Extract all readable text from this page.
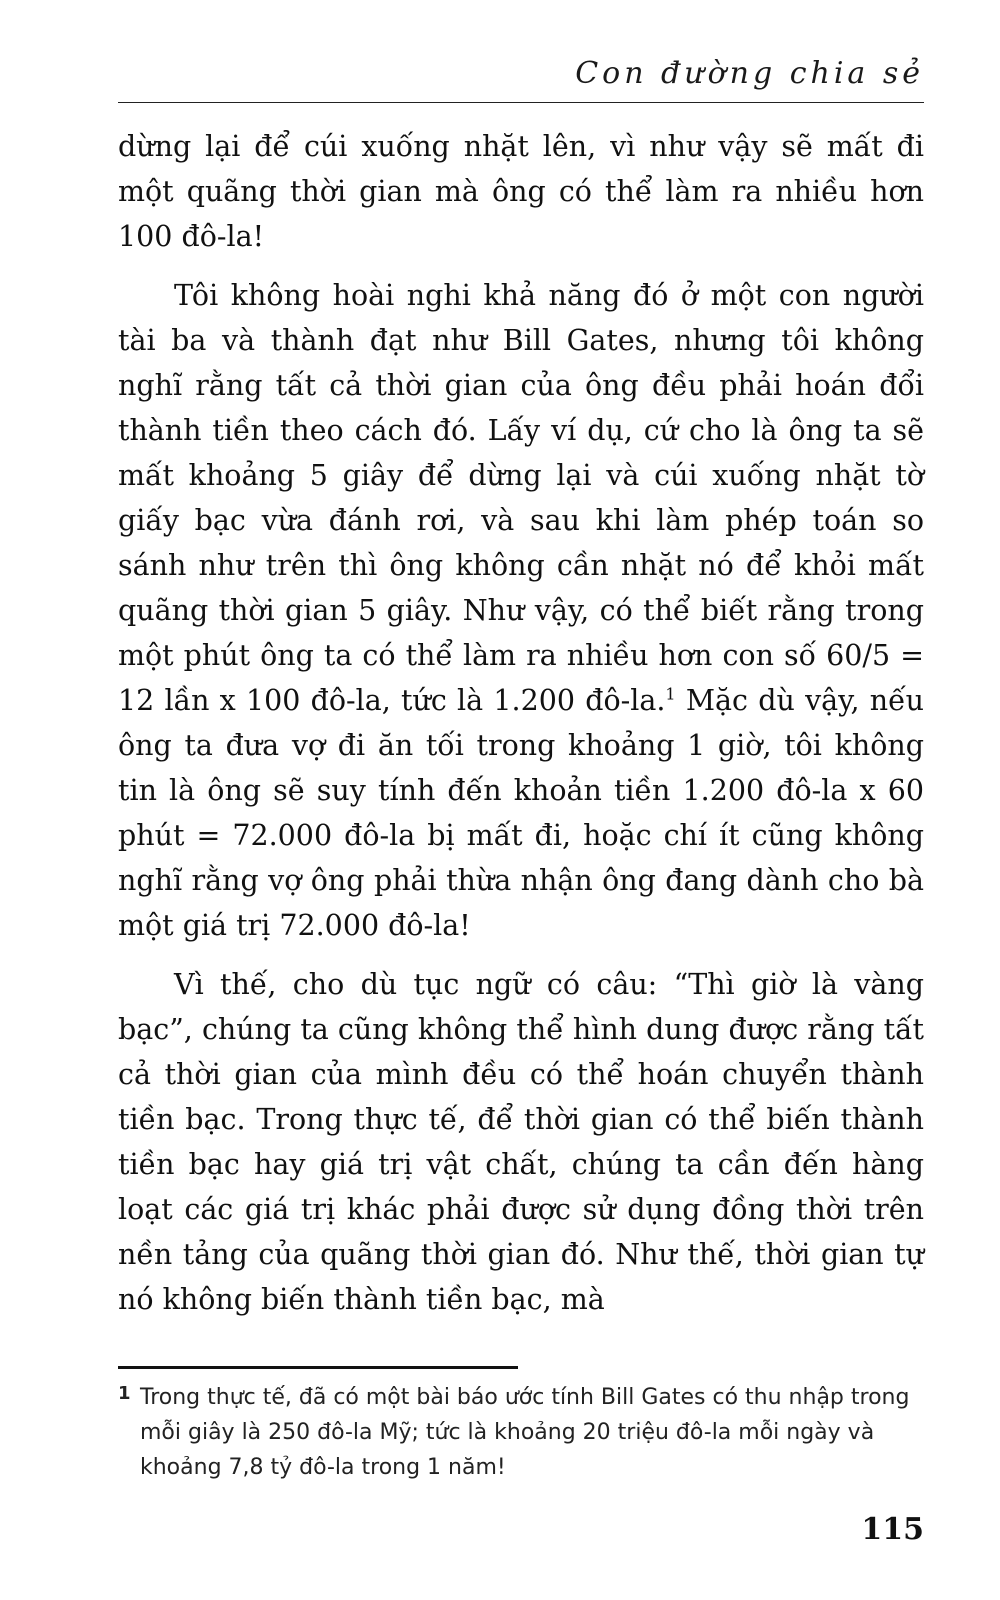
Con đường chia sẻ

dừng lại để cúi xuống nhặt lên, vì như vậy sẽ mất đi một quãng thời gian mà ông có thể làm ra nhiều hơn 100 đô-la!

Tôi không hoài nghi khả năng đó ở một con người tài ba và thành đạt như Bill Gates, nhưng tôi không nghĩ rằng tất cả thời gian của ông đều phải hoán đổi thành tiền theo cách đó. Lấy ví dụ, cứ cho là ông ta sẽ mất khoảng 5 giây để dừng lại và cúi xuống nhặt tờ giấy bạc vừa đánh rơi, và sau khi làm phép toán so sánh như trên thì ông không cần nhặt nó để khỏi mất quãng thời gian 5 giây. Như vậy, có thể biết rằng trong một phút ông ta có thể làm ra nhiều hơn con số 60/5 = 12 lần x 100 đô-la, tức là 1.200 đô-la.$^1$ Mặc dù vậy, nếu ông ta đưa vợ đi ăn tối trong khoảng 1 giờ, tôi không tin là ông sẽ suy tính đến khoản tiền 1.200 đô-la x 60 phút = 72.000 đô-la bị mất đi, hoặc chí ít cũng không nghĩ rằng vợ ông phải thừa nhận ông đang dành cho bà một giá trị 72.000 đô-la!

Vì thế, cho dù tục ngữ có câu: “Thì giờ là vàng bạc”, chúng ta cũng không thể hình dung được rằng tất cả thời gian của mình đều có thể hoán chuyển thành tiền bạc. Trong thực tế, để thời gian có thể biến thành tiền bạc hay giá trị vật chất, chúng ta cần đến hàng loạt các giá trị khác phải được sử dụng đồng thời trên nền tảng của quãng thời gian đó. Như thế, thời gian tự nó không biến thành tiền bạc, mà

1 Trong thực tế, đã có một bài báo ước tính Bill Gates có thu nhập trong mỗi giây là 250 đô-la Mỹ; tức là khoảng 20 triệu đô-la mỗi ngày và khoảng 7,8 tỷ đô-la trong 1 năm!
115
